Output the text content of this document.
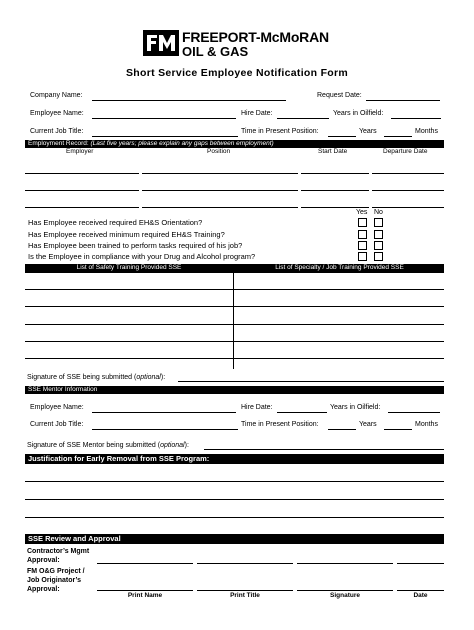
FREEPORT-McMoRAN
OIL & GAS
Short Service Employee Notification Form
Company Name:	Request Date:
Employee Name:	Hire Date:	Years in Oilfield:
Current Job Title:	Time in Present Position:	Years	Months
Employment Record: (Last five years; please explain any gaps between employment)
Employer	Position	Start Date	Departure Date
Yes No
Has Employee received required EH&S Orientation?
Has Employee received minimum required EH&S Training?
Has Employee been trained to perform tasks required of his job?
Is the Employee in compliance with your Drug and Alcohol program?
List of Safety Training Provided SSE	List of Specialty / Job Training Provided SSE
Signature of SSE being submitted (optional):
SSE Mentor Information
Employee Name:	Hire Date:	Years in Oilfield:
Current Job Title:	Time in Present Position:	Years	Months
Signature of SSE Mentor being submitted (optional):
Justification for Early Removal from SSE Program:
SSE Review and Approval
Contractor’s Mgmt
Approval:
FM O&G Project /
Job Originator’s
Approval:
Print Name	Print Title	Signature	Date
